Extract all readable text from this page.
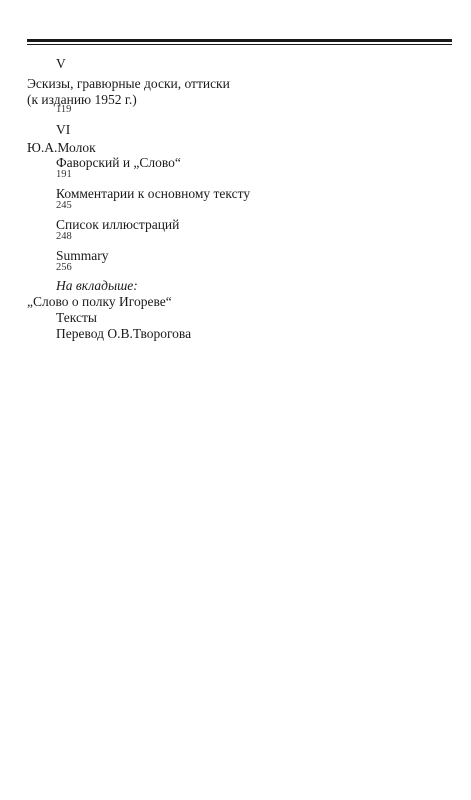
V
Эскизы, гравюрные доски, оттиски
(к изданию 1952 г.)
119
VI
Ю.А.Молок
Фаворский и „Слово“
191
Комментарии к основному тексту
245
Список иллюстраций
248
Summary
256
На вкладыше:
„Слово о полку Игореве“
Тексты
Перевод О.В.Творогова
